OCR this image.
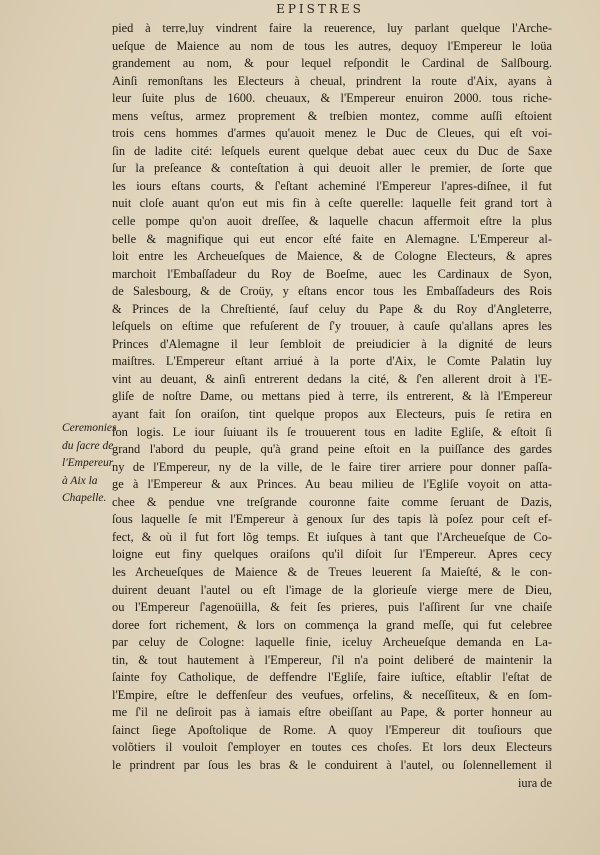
EPISTRES
Ceremonies
du ſacre de
l'Empereur
à Aix la
Chapelle.
pied à terre,luy vindrent faire la reuerence, luy parlant quelque l'Arche-
ueſque de Maience au nom de tous les autres, dequoy l'Empereur le loüa
grandement au nom, & pour lequel reſpondit le Cardinal de Salſbourg.
Ainſi remonſtans les Electeurs à cheual, prindrent la route d'Aix, ayans à
leur ſuite plus de 1600. cheuaux, & l'Empereur enuiron 2000. tous riche-
mens veſtus, armez proprement & treſbien montez, comme auſſi eſtoient
trois cens hommes d'armes qu'auoit menez le Duc de Cleues, qui eſt voi-
ſin de ladite cité: leſquels eurent quelque debat auec ceux du Duc de Saxe
ſur la preſeance & conteſtation à qui deuoit aller le premier, de ſorte que
les iours eſtans courts, & ſ'eſtant acheminé l'Empereur l'apres-diſnee, il fut
nuit cloſe auant qu'on eut mis fin à ceſte querelle: laquelle feit grand tort à
celle pompe qu'on auoit dreſſee, & laquelle chacun affermoit eſtre la plus
belle & magnifique qui eut encor eſté faite en Alemagne. L'Empereur al-
loit entre les Archeueſques de Maience, & de Cologne Electeurs, & apres
marchoit l'Embaſſadeur du Roy de Boeſme, auec les Cardinaux de Syon,
de Salesbourg, & de Croüy, y eſtans encor tous les Embaſſadeurs des Rois
& Princes de la Chreſtienté, ſauf celuy du Pape & du Roy d'Angleterre,
leſquels on eſtime que refuſerent de ſ'y trouuer, à cauſe qu'allans apres les
Princes d'Alemagne il leur ſembloit de preiudicier à la dignité de leurs
maiſtres. L'Empereur eſtant arriué à la porte d'Aix, le Comte Palatin luy
vint au deuant, & ainſi entrerent dedans la cité, & ſ'en allerent droit à l'E-
gliſe de noſtre Dame, ou mettans pied à terre, ils entrerent, & là l'Empereur
ayant fait ſon oraiſon, tint quelque propos aux Electeurs, puis ſe retira en
ſon logis. Le iour ſuiuant ils ſe trouuerent tous en ladite Egliſe, & eſtoit ſi
grand l'abord du peuple, qu'à grand peine eſtoit en la puiſſance des gardes
ny de l'Empereur, ny de la ville, de le faire tirer arriere pour donner paſſa-
ge à l'Empereur & aux Princes. Au beau milieu de l'Egliſe voyoit on atta-
chee & pendue vne treſgrande couronne faite comme ſeruant de Dazis,
ſous laquelle ſe mit l'Empereur à genoux ſur des tapis là poſez pour ceſt ef-
fect, & où il fut fort lõg temps. Et iuſques à tant que l'Archeueſque de Co-
loigne eut finy quelques oraiſons qu'il diſoit ſur l'Empereur. Apres cecy
les Archeueſques de Maience & de Treues leuerent ſa Maieſté, & le con-
duirent deuant l'autel ou eſt l'image de la glorieuſe vierge mere de Dieu,
ou l'Empereur ſ'agenoüilla, & feit ſes prieres, puis l'aſſirent ſur vne chaiſe
doree fort richement, & lors on commença la grand meſſe, qui fut celebree
par celuy de Cologne: laquelle finie, iceluy Archeueſque demanda en La-
tin, & tout hautement à l'Empereur, ſ'il n'a point deliberé de maintenir la
ſainte foy Catholique, de deffendre l'Egliſe, faire iuſtice, eſtablir l'eſtat de
l'Empire, eſtre le deffenſeur des veufues, orfelins, & neceſſiteux, & en ſom-
me ſ'il ne deſiroit pas à iamais eſtre obeiſſant au Pape, & porter honneur au
ſainct ſiege Apoſtolique de Rome. A quoy l'Empereur dit touſiours que
volõtiers il vouloit ſ'employer en toutes ces choſes. Et lors deux Electeurs
le prindrent par ſous les bras & le conduirent à l'autel, ou ſolennellement il
iura de
